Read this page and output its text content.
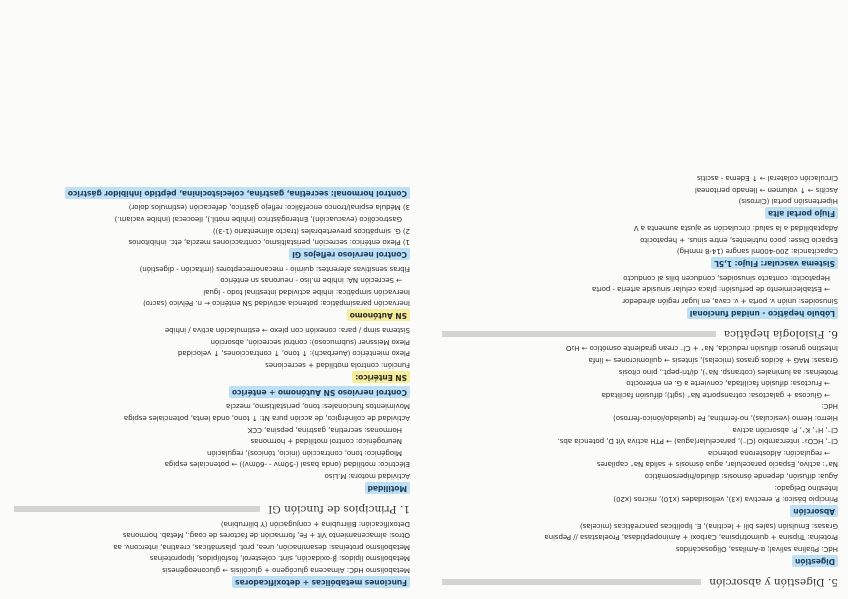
5. Digestión y absorción
Digestión
HdC: Ptialina salival; α-Amilasa, Oligosacáridos
Proteína: Tripsina + quimotripsina, Carboxi + Aminopeptidasa, Proelastasa // Pepsina
Grasas: Emulsión (sales bili + lecitina), E. lipolíticas pancreáticas (micelas)
Absorción
Principio básico: P. erectiva (x3), vellosidades (x10), micros (x20)
Intestino Delgado:
Agua: difusión, depende ósmosis: diluido/hipersomático
Na⁺: activo, Espacio paracelular, agua ósmosis + salida Na⁺ capilares
→ regulación: Aldosterona potencia
Cl⁻, HCO₃⁻ intercambio (Cl⁻), paracelular(agua) → PTH activa Vit D, potencia abs.
Cl⁻, H⁺, K⁺, P: absorción activa
Hierro: Hemo (vesículas), no-ferritina, Fe (quelado/iónico-ferroso)
HdC:
→ Glucosa + galactosa: cotransporte Na⁺ (sglt); difusión facilitada
→ Fructosa: difusión facilitada, convierte a G. en enterocito
Proteínas: aa luminales (cotransp. Na⁺), di/tri-pept., pino citosis
Grasas: MAG + ácidos grasos (micelas), síntesis → quilomicrones → linfa
Intestino grueso: difusión reducida, Na⁺ + Cl⁻ crean gradiente osmótico → H₂O
6. Fisiología hepática
Lóbulo hepático - unidad funcional
Sinusoides: unión v. porta + v. cava, en lugar región alrededor
→ Establecimiento de perfusión: placa celular sinuside arteria - porta
Hepatocito: contacto sinusoides, conducen bilis al conducto
Sistema vascular: Flujo: 1,5L
Capacitancia: 200-400ml sangre (14-8 mmHg)
Espacio Disse: poco nutrientes, entre sinus. + hepatocito
Adaptabilidad a la salud: circulación se ajusta aumenta a V
Flujo portal alta
Hipertensión portal (Cirrosis)
Ascitis → ↑ volumen → llenado peritoneal
Circulación colateral → ↑ Edema - ascitis
Funciones metabólicas + detoxificadoras
Metabolismo HdC: Almacena glucógeno + glucólisis → gluconeogénesis
Metabolismo lípidos: β-oxidación, sínt. colesterol, fosfolípidos, lipoproteínas
Metabolismo proteínas: desaminación, urea, prot. plasmáticas, creatina, interconv. aa
Otros: almacenamiento Vit + Fe, formación de factores de coag., Metab. hormonas
Detoxificación: Bilirrubina + conjugación (Y bilirrubina)
1. Principios de función GI
Motilidad
Actividad motora: M.Liso
Eléctrico: motilidad (onda basal (-50mv - -60mv)) → potenciales espiga
Miogénico: tono, contracción (inicio, tónicos), regulación
Neurogénico: control motilidad + hormonas
Hormonas: secretina, gastrina, pepsina, CCK
Actividad de colinérgico, de acción pura Nt: ↑ tono, onda lenta, potenciales espiga
Movimientos funcionales: tono, peristaltismo, mezcla
Control nervioso SN Autónomo + entérico
SN Entérico:
Función: controla motilidad + secreciones
Plexo mientérico (Auerbach): ↑ tono, ↑ contracciones, ↑ velocidad
Plexo Meissner (submucoso): control secreción, absorción
Sistema simp / para: conexión con plexo → estimulación activa / inhibe
SN Autónomo
Inervación parasimpática: potencia actividad SN entérico ← n. Pélvico (sacro)
Inervación simpática: inhibe actividad intestinal todo - Igual
→ Secreción NA: inhibe m.liso - neuronas sn entérico
Fibras sensitivas aferentes: quimio - mecanorreceptores (irritación - digestión)
Control nervioso reflejos GI
1) Plexo entérico: secreción, peristaltismo, contracciones mezcla, etc. inhibitorios
2) G. simpáticos prevertebrales (tracto alimentario (1-3))
Gastrocólico (evacuación), Enterogástrico (inhibe motil.), Ileocecal (inhibe vaciam.)
3) Médula espinal/tronco encefálico: reflejo gástrico, defecación (estímulos dolor)
Control hormonal: secretina, gastrina, colecistocinina, péptido inhibidor gástrico
